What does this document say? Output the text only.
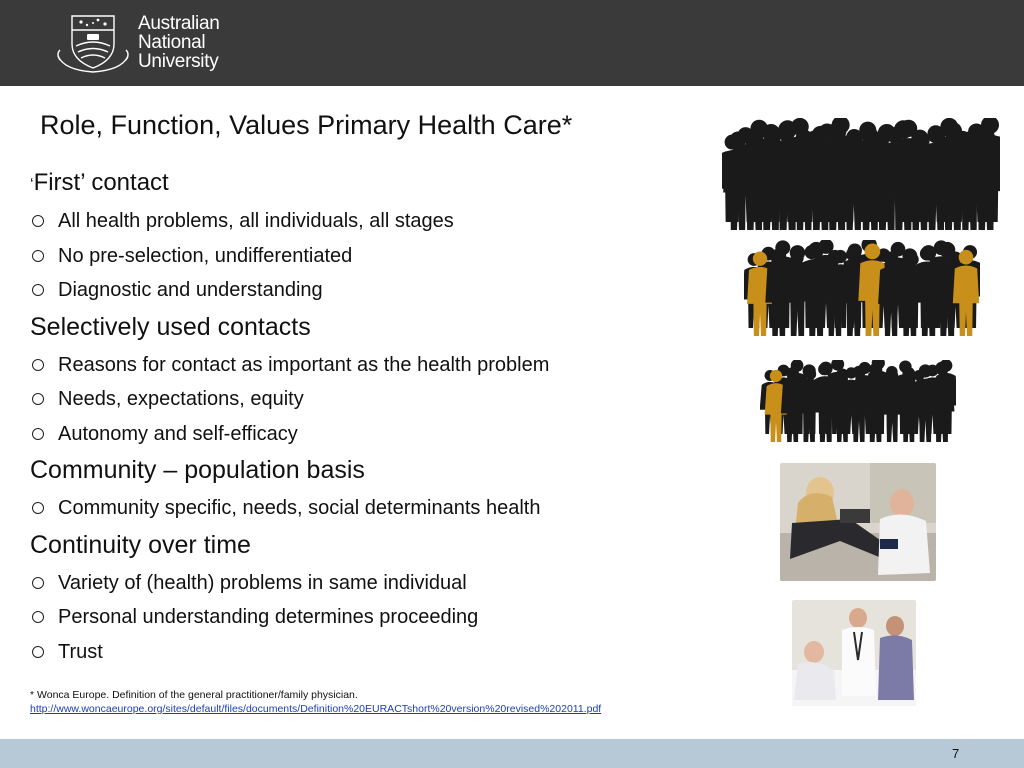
Australian
National
University
Role, Function, Values Primary Health Care*
‘First’ contact
All health problems, all individuals, all stages
No pre-selection, undifferentiated
Diagnostic and understanding
Selectively used contacts
Reasons for contact as important as the health problem
Needs, expectations, equity
Autonomy and self-efficacy
Community – population basis
Community specific, needs, social determinants health
Continuity over time
Variety of (health) problems in same individual
Personal understanding determines proceeding
Trust
* Wonca Europe. Definition of the general practitioner/family physician.
http://www.woncaeurope.org/sites/default/files/documents/Definition%20EURACTshort%20version%20revised%202011.pdf
7
